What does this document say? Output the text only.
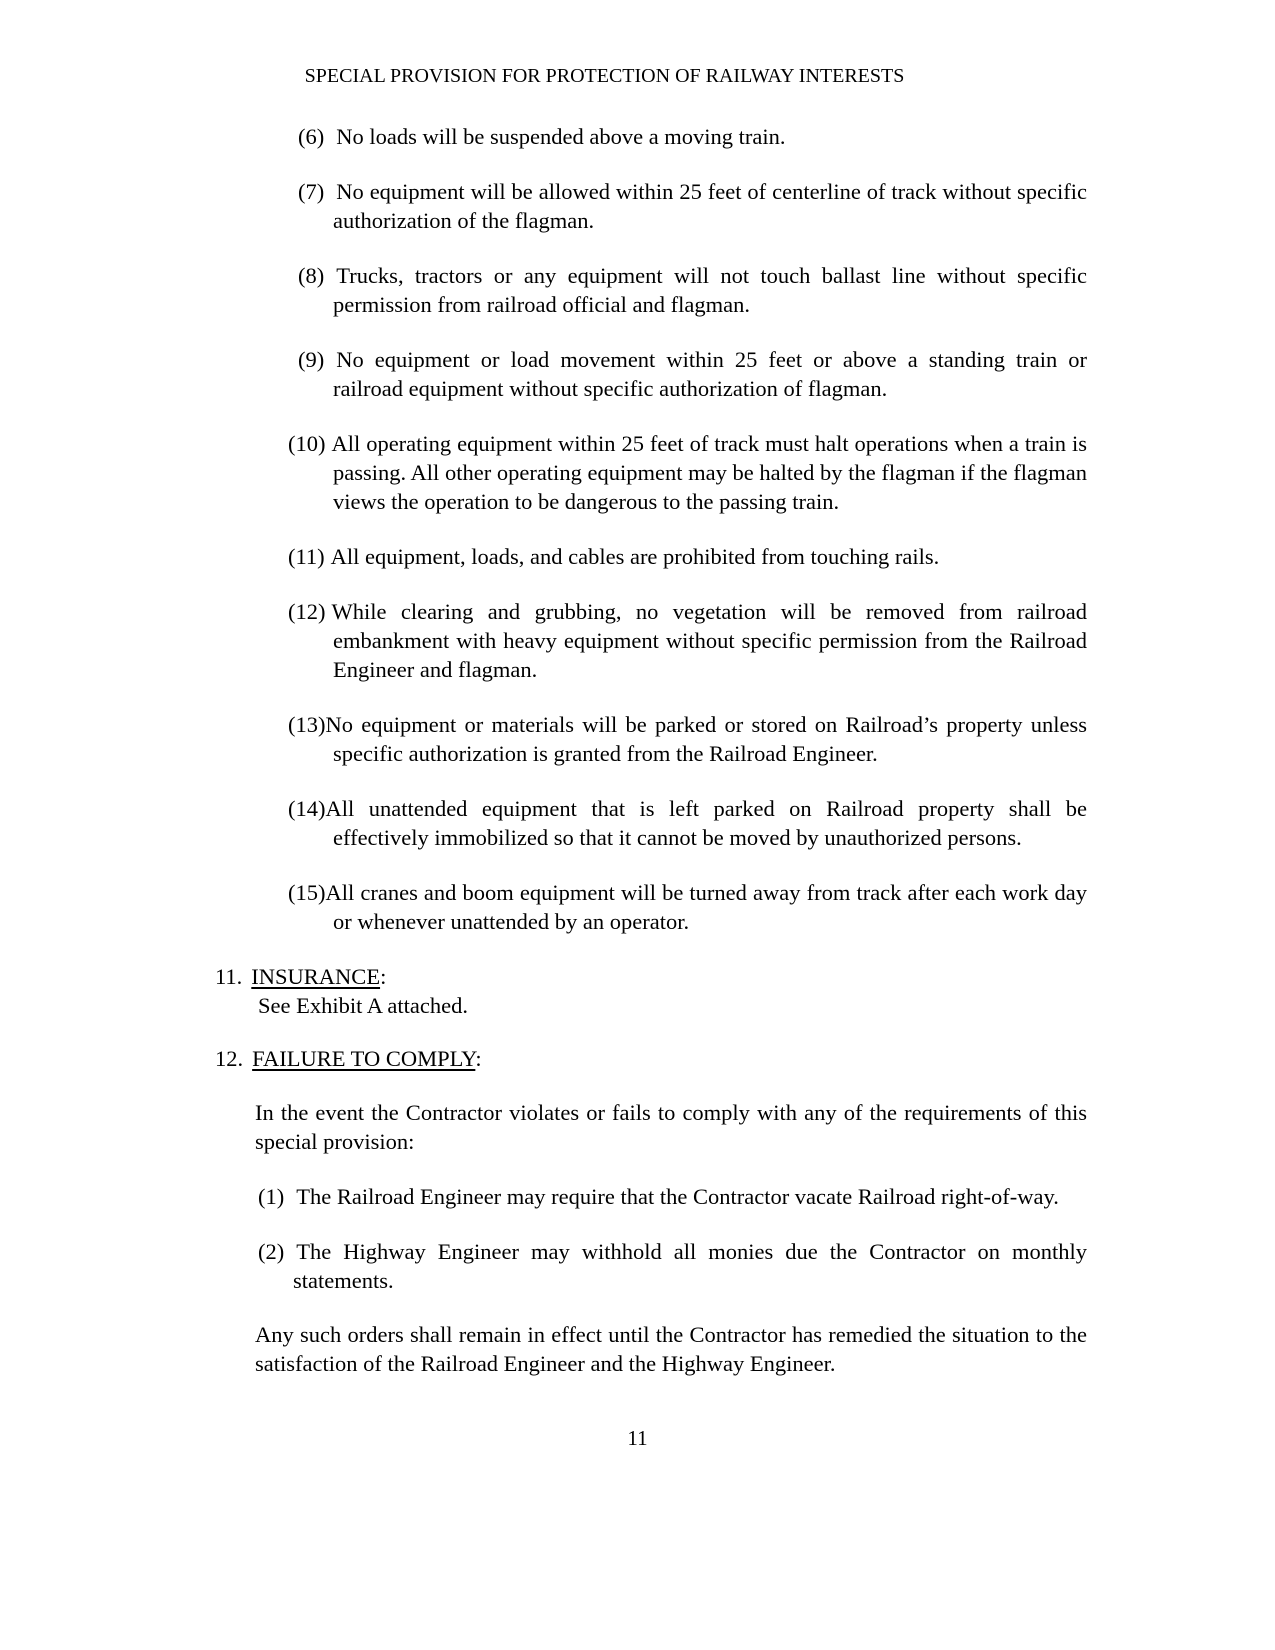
SPECIAL PROVISION FOR PROTECTION OF RAILWAY INTERESTS
(6) No loads will be suspended above a moving train.
(7) No equipment will be allowed within 25 feet of centerline of track without specific authorization of the flagman.
(8) Trucks, tractors or any equipment will not touch ballast line without specific permission from railroad official and flagman.
(9) No equipment or load movement within 25 feet or above a standing train or railroad equipment without specific authorization of flagman.
(10) All operating equipment within 25 feet of track must halt operations when a train is passing. All other operating equipment may be halted by the flagman if the flagman views the operation to be dangerous to the passing train.
(11) All equipment, loads, and cables are prohibited from touching rails.
(12) While clearing and grubbing, no vegetation will be removed from railroad embankment with heavy equipment without specific permission from the Railroad Engineer and flagman.
(13)No equipment or materials will be parked or stored on Railroad’s property unless specific authorization is granted from the Railroad Engineer.
(14)All unattended equipment that is left parked on Railroad property shall be effectively immobilized so that it cannot be moved by unauthorized persons.
(15)All cranes and boom equipment will be turned away from track after each work day or whenever unattended by an operator.
11. INSURANCE:
See Exhibit A attached.
12. FAILURE TO COMPLY:
In the event the Contractor violates or fails to comply with any of the requirements of this special provision:
(1) The Railroad Engineer may require that the Contractor vacate Railroad right-of-way.
(2) The Highway Engineer may withhold all monies due the Contractor on monthly statements.
Any such orders shall remain in effect until the Contractor has remedied the situation to the satisfaction of the Railroad Engineer and the Highway Engineer.
11
